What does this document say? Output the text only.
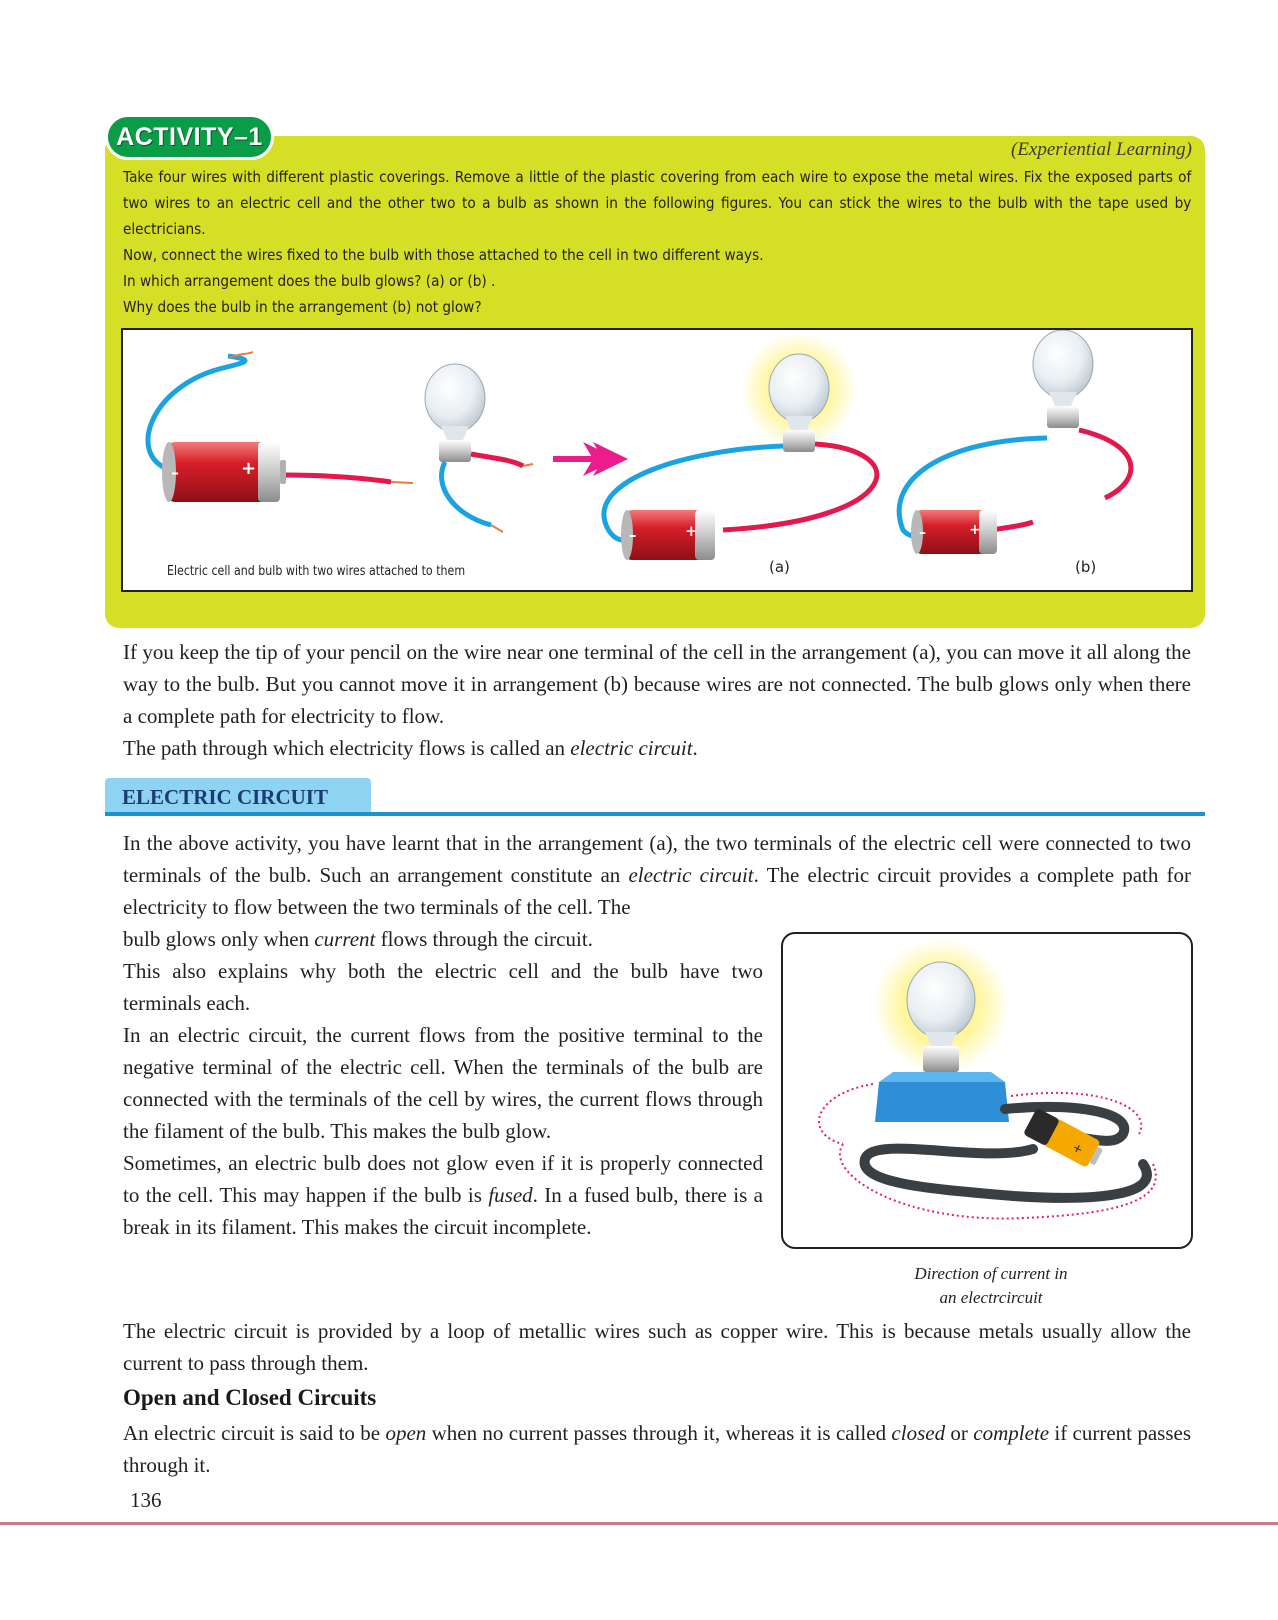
ACTIVITY–1	(Experiential Learning)

Take four wires with different plastic coverings. Remove a little of the plastic covering from each wire to expose the metal wires. Fix the exposed parts of two wires to an electric cell and the other two to a bulb as shown in the following figures. You can stick the wires to the bulb with the tape used by electricians.

Now, connect the wires fixed to the bulb with those attached to the cell in two different ways.

In which arrangement does the bulb glows? (a) or (b) .

Why does the bulb in the arrangement (b) not glow?

–	+
–	+	–	+
Electric cell and bulb with two wires attached to them	(a)	(b)

If you keep the tip of your pencil on the wire near one terminal of the cell in the arrangement (a), you can move it all along the way to the bulb. But you cannot move it in arrangement (b) because wires are not connected. The bulb glows only when there a complete path for electricity to flow.

The path through which electricity flows is called an electric circuit.

ELECTRIC CIRCUIT

In the above activity, you have learnt that in the arrangement (a), the two terminals of the electric cell were connected to two terminals of the bulb. Such an arrangement constitute an electric circuit. The electric circuit provides a complete path for electricity to flow between the two terminals of the cell. The

bulb glows only when current flows through the circuit.

This also explains why both the electric cell and the bulb have two terminals each.

In an electric circuit, the current flows from the positive terminal to the negative terminal of the electric cell. When the terminals of the bulb are connected with the terminals of the cell by wires, the current flows through the filament of the bulb. This makes the bulb glow.

Sometimes, an electric bulb does not glow even if it is properly connected to the cell. This may happen if the bulb is fused. In a fused bulb, there is a break in its filament. This makes the circuit incomplete.

+
Direction of current in
an electrcircuit
The electric circuit is provided by a loop of metallic wires such as copper wire. This is because metals usually allow the current to pass through them.
Open and Closed Circuits

An electric circuit is said to be open when no current passes through it, whereas it is called closed or complete if current passes through it.

136
